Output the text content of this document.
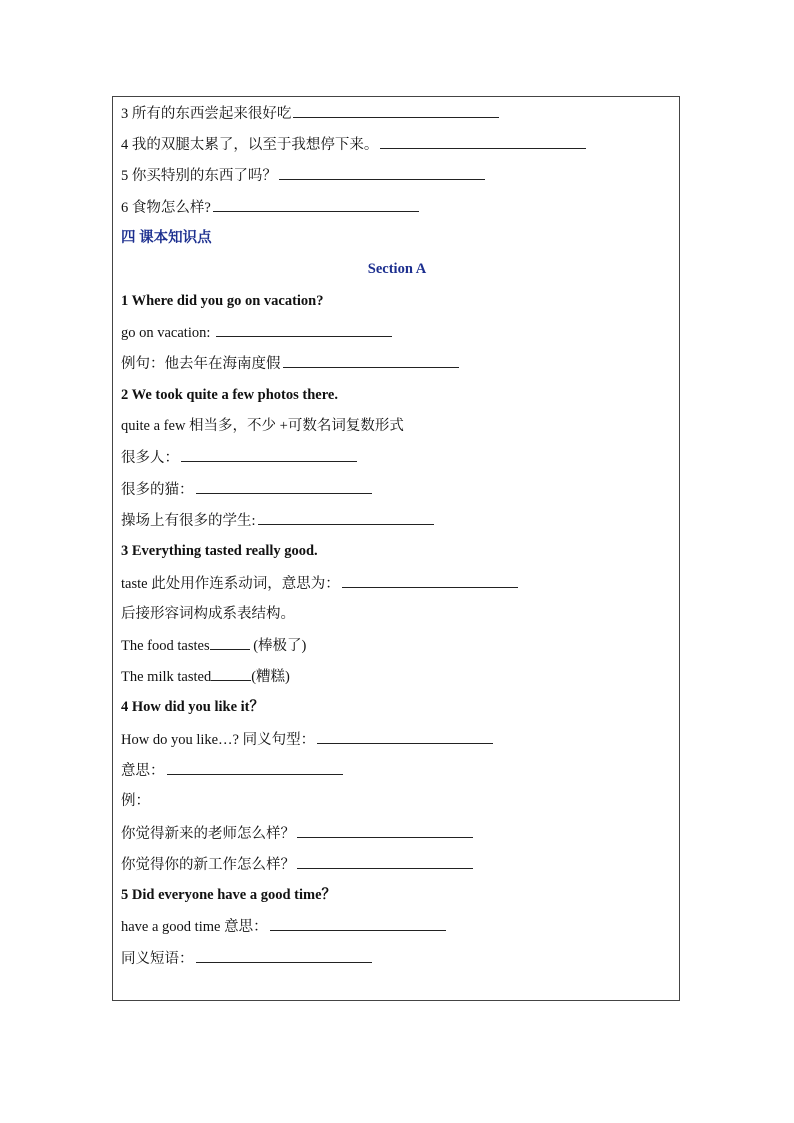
3 所有的东西尝起来很好吃
4 我的双腿太累了，以至于我想停下来。
5 你买特别的东西了吗？
6 食物怎么样?
四 课本知识点
Section A
1 Where did you go on vacation?
go on vacation:
例句：他去年在海南度假
2 We took quite a few photos there.
quite a few 相当多，不少 +可数名词复数形式
很多人：
很多的猫：
操场上有很多的学生:
3 Everything tasted really good.
taste 此处用作连系动词，意思为：
后接形容词构成系表结构。
The food tastes	(棒极了)
The milk tasted	(糟糕)
4 How did you like it？
How do you like…? 同义句型：
意思：
例：
你觉得新来的老师怎么样？
你觉得你的新工作怎么样？
5 Did everyone have a good time？
have a good time 意思：
同义短语：
